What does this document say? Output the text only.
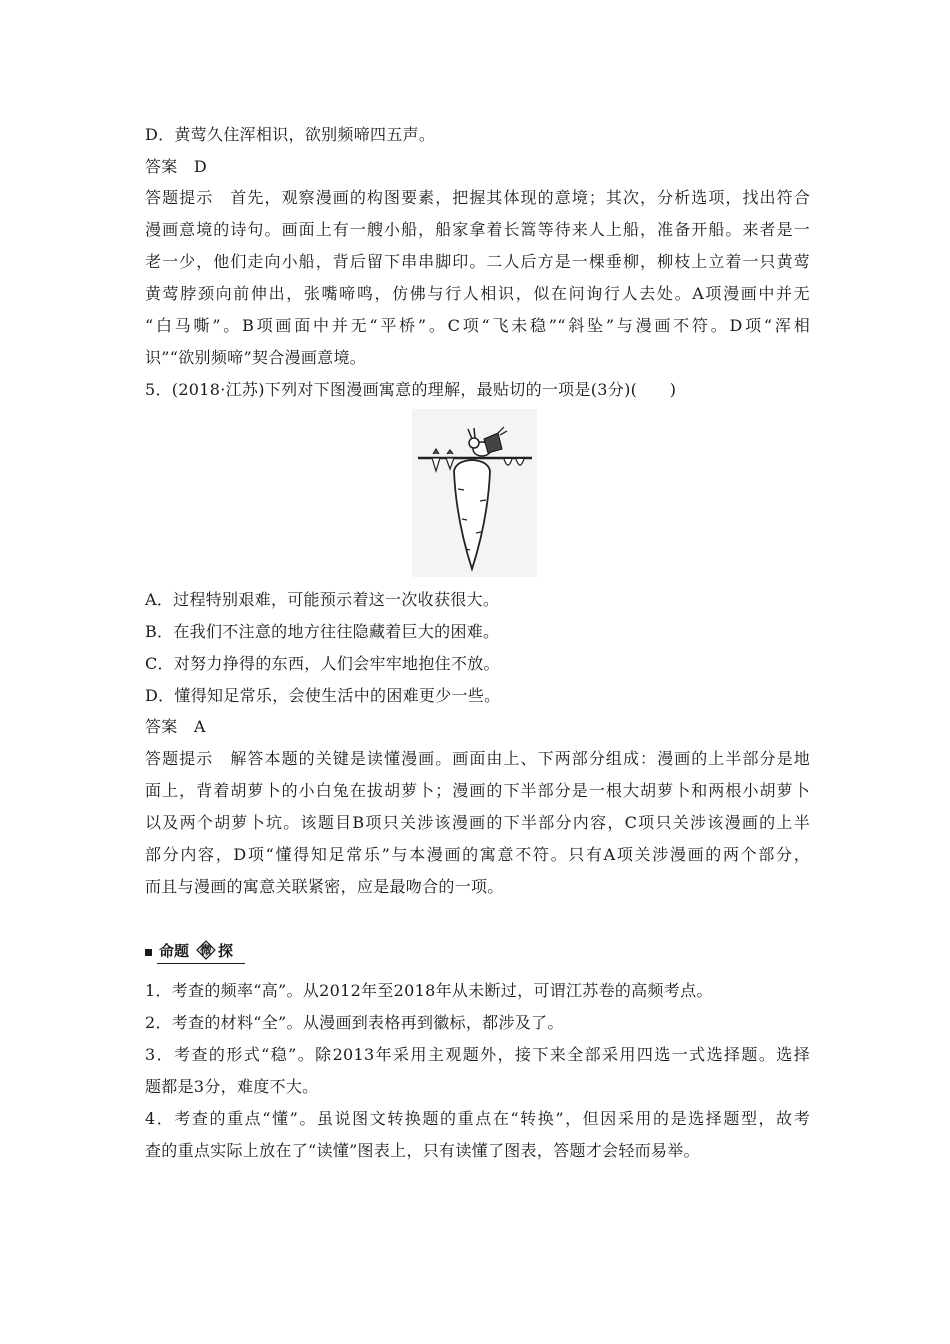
D．黄莺久住浑相识，欲别频啼四五声。
答案　D
答题提示　首先，观察漫画的构图要素，把握其体现的意境；其次，分析选项，找出符合
漫画意境的诗句。画面上有一艘小船，船家拿着长篙等待来人上船，准备开船。来者是一
老一少，他们走向小船，背后留下串串脚印。二人后方是一棵垂柳，柳枝上立着一只黄莺
黄莺脖颈向前伸出，张嘴啼鸣，仿佛与行人相识，似在问询行人去处。A项漫画中并无
“白马嘶”。B项画面中并无“平桥”。C项“飞未稳”“斜坠”与漫画不符。D项“浑相
识”“欲别频啼”契合漫画意境。
5．(2018·江苏)下列对下图漫画寓意的理解，最贴切的一项是(3分)(　　)
A．过程特别艰难，可能预示着这一次收获很大。
B．在我们不注意的地方往往隐藏着巨大的困难。
C．对努力挣得的东西，人们会牢牢地抱住不放。
D．懂得知足常乐，会使生活中的困难更少一些。
答案　A
答题提示　解答本题的关键是读懂漫画。画面由上、下两部分组成：漫画的上半部分是地
面上，背着胡萝卜的小白兔在拔胡萝卜；漫画的下半部分是一根大胡萝卜和两根小胡萝卜
以及两个胡萝卜坑。该题目B项只关涉该漫画的下半部分内容，C项只关涉该漫画的上半
部分内容，D项“懂得知足常乐”与本漫画的寓意不符。只有A项关涉漫画的两个部分，
而且与漫画的寓意关联紧密，应是最吻合的一项。
命题 微 探
1．考查的频率“高”。从2012年至2018年从未断过，可谓江苏卷的高频考点。
2．考查的材料“全”。从漫画到表格再到徽标，都涉及了。
3．考查的形式“稳”。除2013年采用主观题外，接下来全部采用四选一式选择题。选择
题都是3分，难度不大。
4．考查的重点“懂”。虽说图文转换题的重点在“转换”，但因采用的是选择题型，故考
查的重点实际上放在了“读懂”图表上，只有读懂了图表，答题才会轻而易举。
